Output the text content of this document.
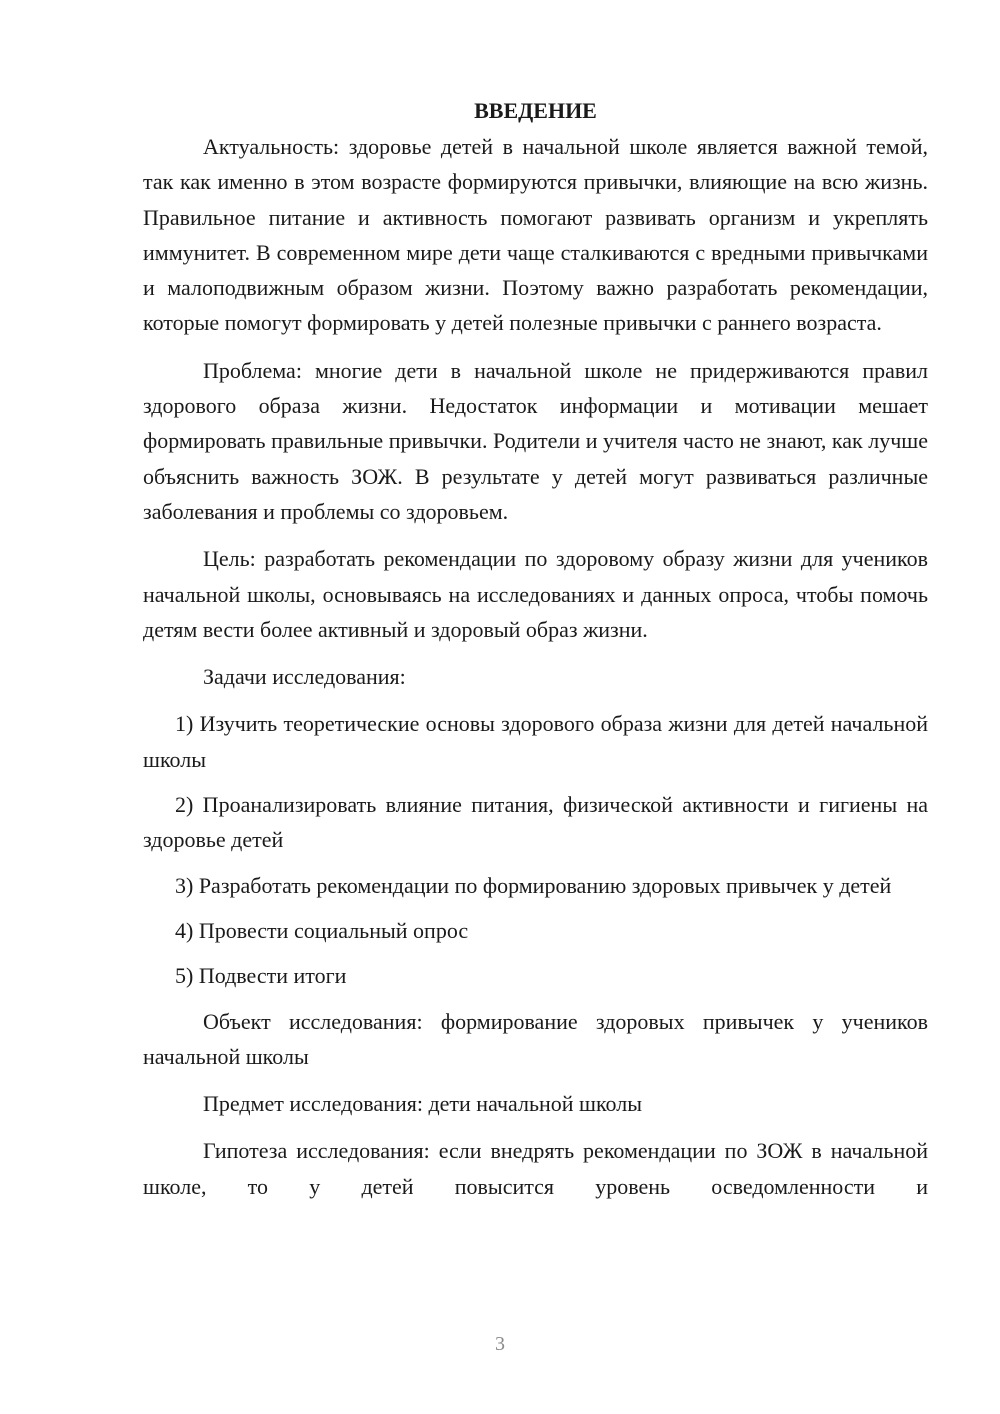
ВВЕДЕНИЕ

Актуальность: здоровье детей в начальной школе является важной темой, так как именно в этом возрасте формируются привычки, влияющие на всю жизнь. Правильное питание и активность помогают развивать организм и укреплять иммунитет. В современном мире дети чаще сталкиваются с вредными привычками и малоподвижным образом жизни. Поэтому важно разработать рекомендации, которые помогут формировать у детей полезные привычки с раннего возраста.

Проблема: многие дети в начальной школе не придерживаются правил здорового образа жизни. Недостаток информации и мотивации мешает формировать правильные привычки. Родители и учителя часто не знают, как лучше объяснить важность ЗОЖ. В результате у детей могут развиваться различные заболевания и проблемы со здоровьем.

Цель: разработать рекомендации по здоровому образу жизни для учеников начальной школы, основываясь на исследованиях и данных опроса, чтобы помочь детям вести более активный и здоровый образ жизни.

Задачи исследования:

1) Изучить теоретические основы здорового образа жизни для детей начальной школы

2) Проанализировать влияние питания, физической активности и гигиены на здоровье детей

3) Разработать рекомендации по формированию здоровых привычек у детей

4) Провести социальный опрос

5) Подвести итоги

Объект исследования: формирование здоровых привычек у учеников начальной школы

Предмет исследования: дети начальной школы

Гипотеза исследования: если внедрять рекомендации по ЗОЖ в начальной школе, то у детей повысится уровень осведомленности и

3
